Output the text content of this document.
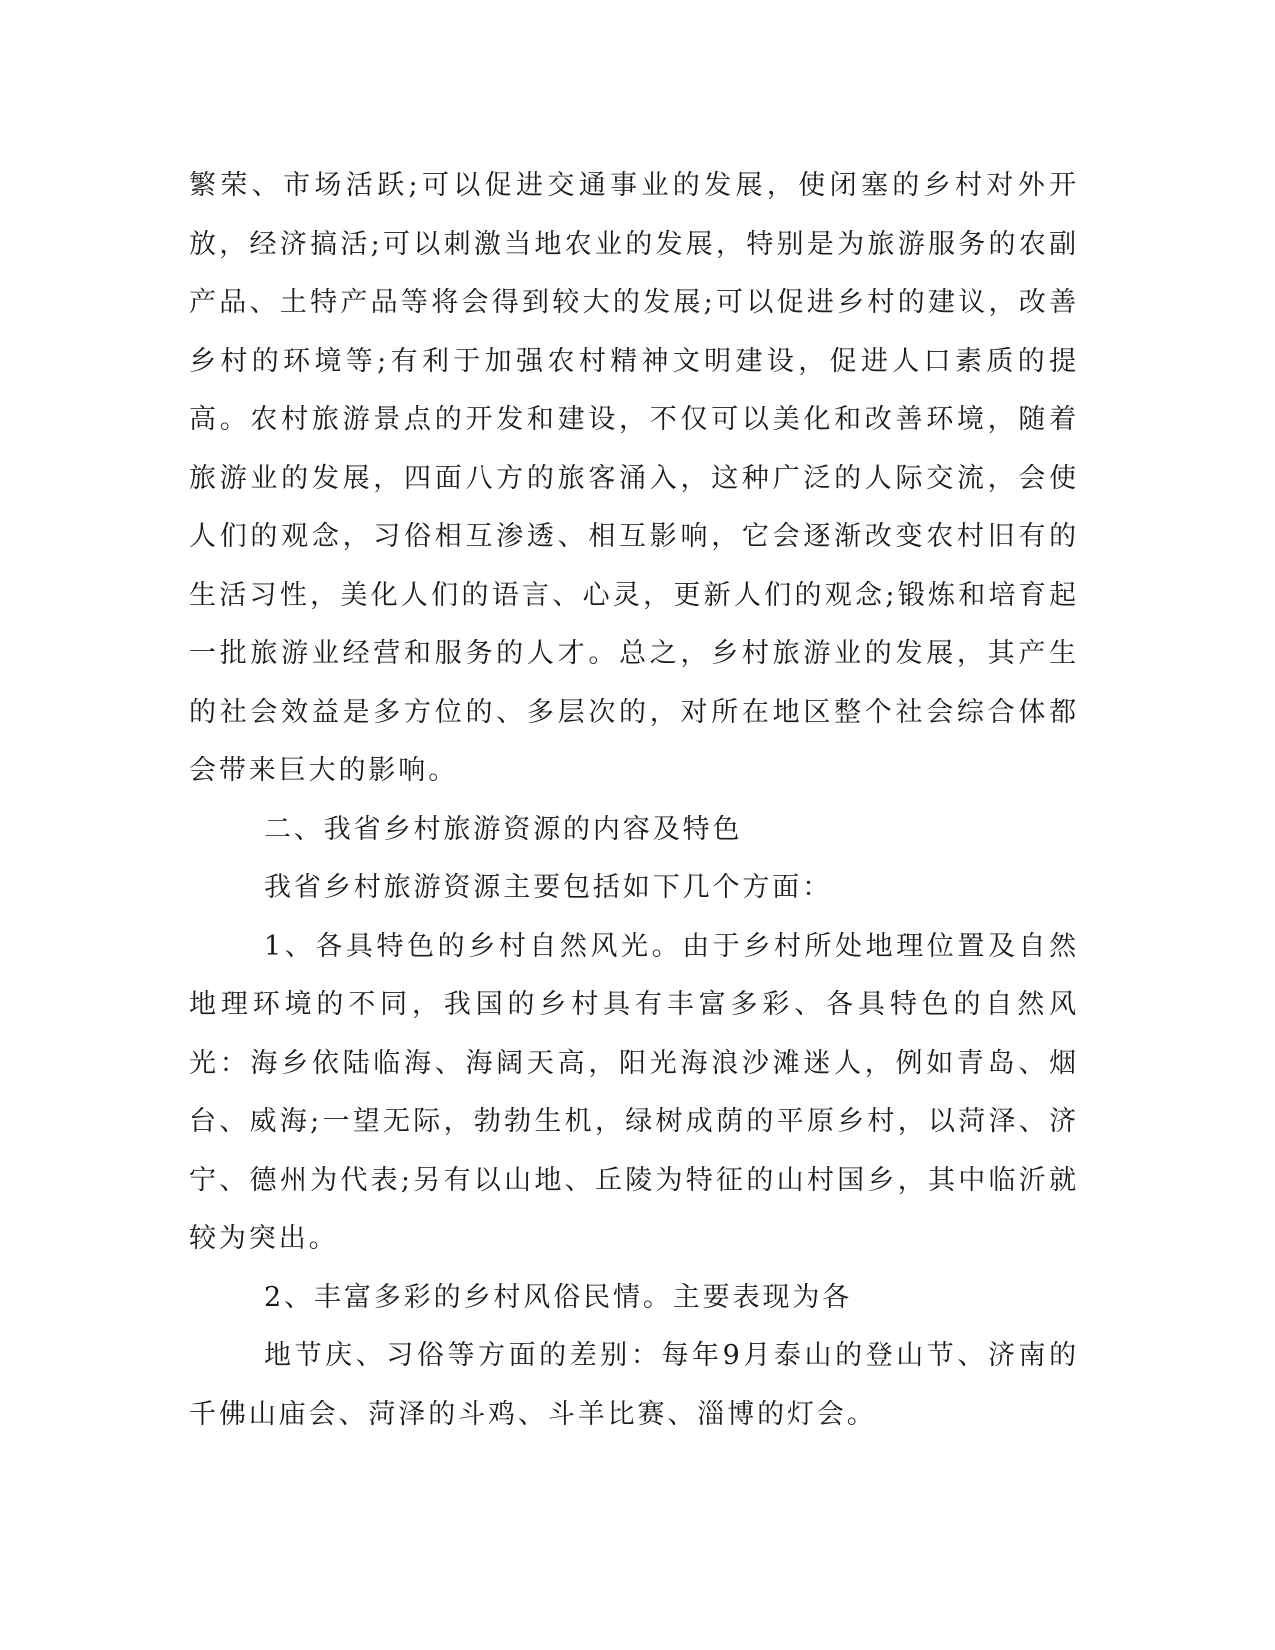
繁荣、市场活跃;可以促进交通事业的发展，使闭塞的乡村对外开放，经济搞活;可以刺激当地农业的发展，特别是为旅游服务的农副产品、土特产品等将会得到较大的发展;可以促进乡村的建议，改善乡村的环境等;有利于加强农村精神文明建设，促进人口素质的提高。农村旅游景点的开发和建设，不仅可以美化和改善环境，随着旅游业的发展，四面八方的旅客涌入，这种广泛的人际交流，会使人们的观念，习俗相互渗透、相互影响，它会逐渐改变农村旧有的生活习性，美化人们的语言、心灵，更新人们的观念;锻炼和培育起一批旅游业经营和服务的人才。总之，乡村旅游业的发展，其产生的社会效益是多方位的、多层次的，对所在地区整个社会综合体都会带来巨大的影响。

二、我省乡村旅游资源的内容及特色

我省乡村旅游资源主要包括如下几个方面：

1、各具特色的乡村自然风光。由于乡村所处地理位置及自然地理环境的不同，我国的乡村具有丰富多彩、各具特色的自然风光：海乡依陆临海、海阔天高，阳光海浪沙滩迷人，例如青岛、烟台、威海;一望无际，勃勃生机，绿树成荫的平原乡村，以菏泽、济宁、德州为代表;另有以山地、丘陵为特征的山村国乡，其中临沂就较为突出。

2、丰富多彩的乡村风俗民情。主要表现为各

地节庆、习俗等方面的差别：每年9月泰山的登山节、济南的千佛山庙会、菏泽的斗鸡、斗羊比赛、淄博的灯会。
